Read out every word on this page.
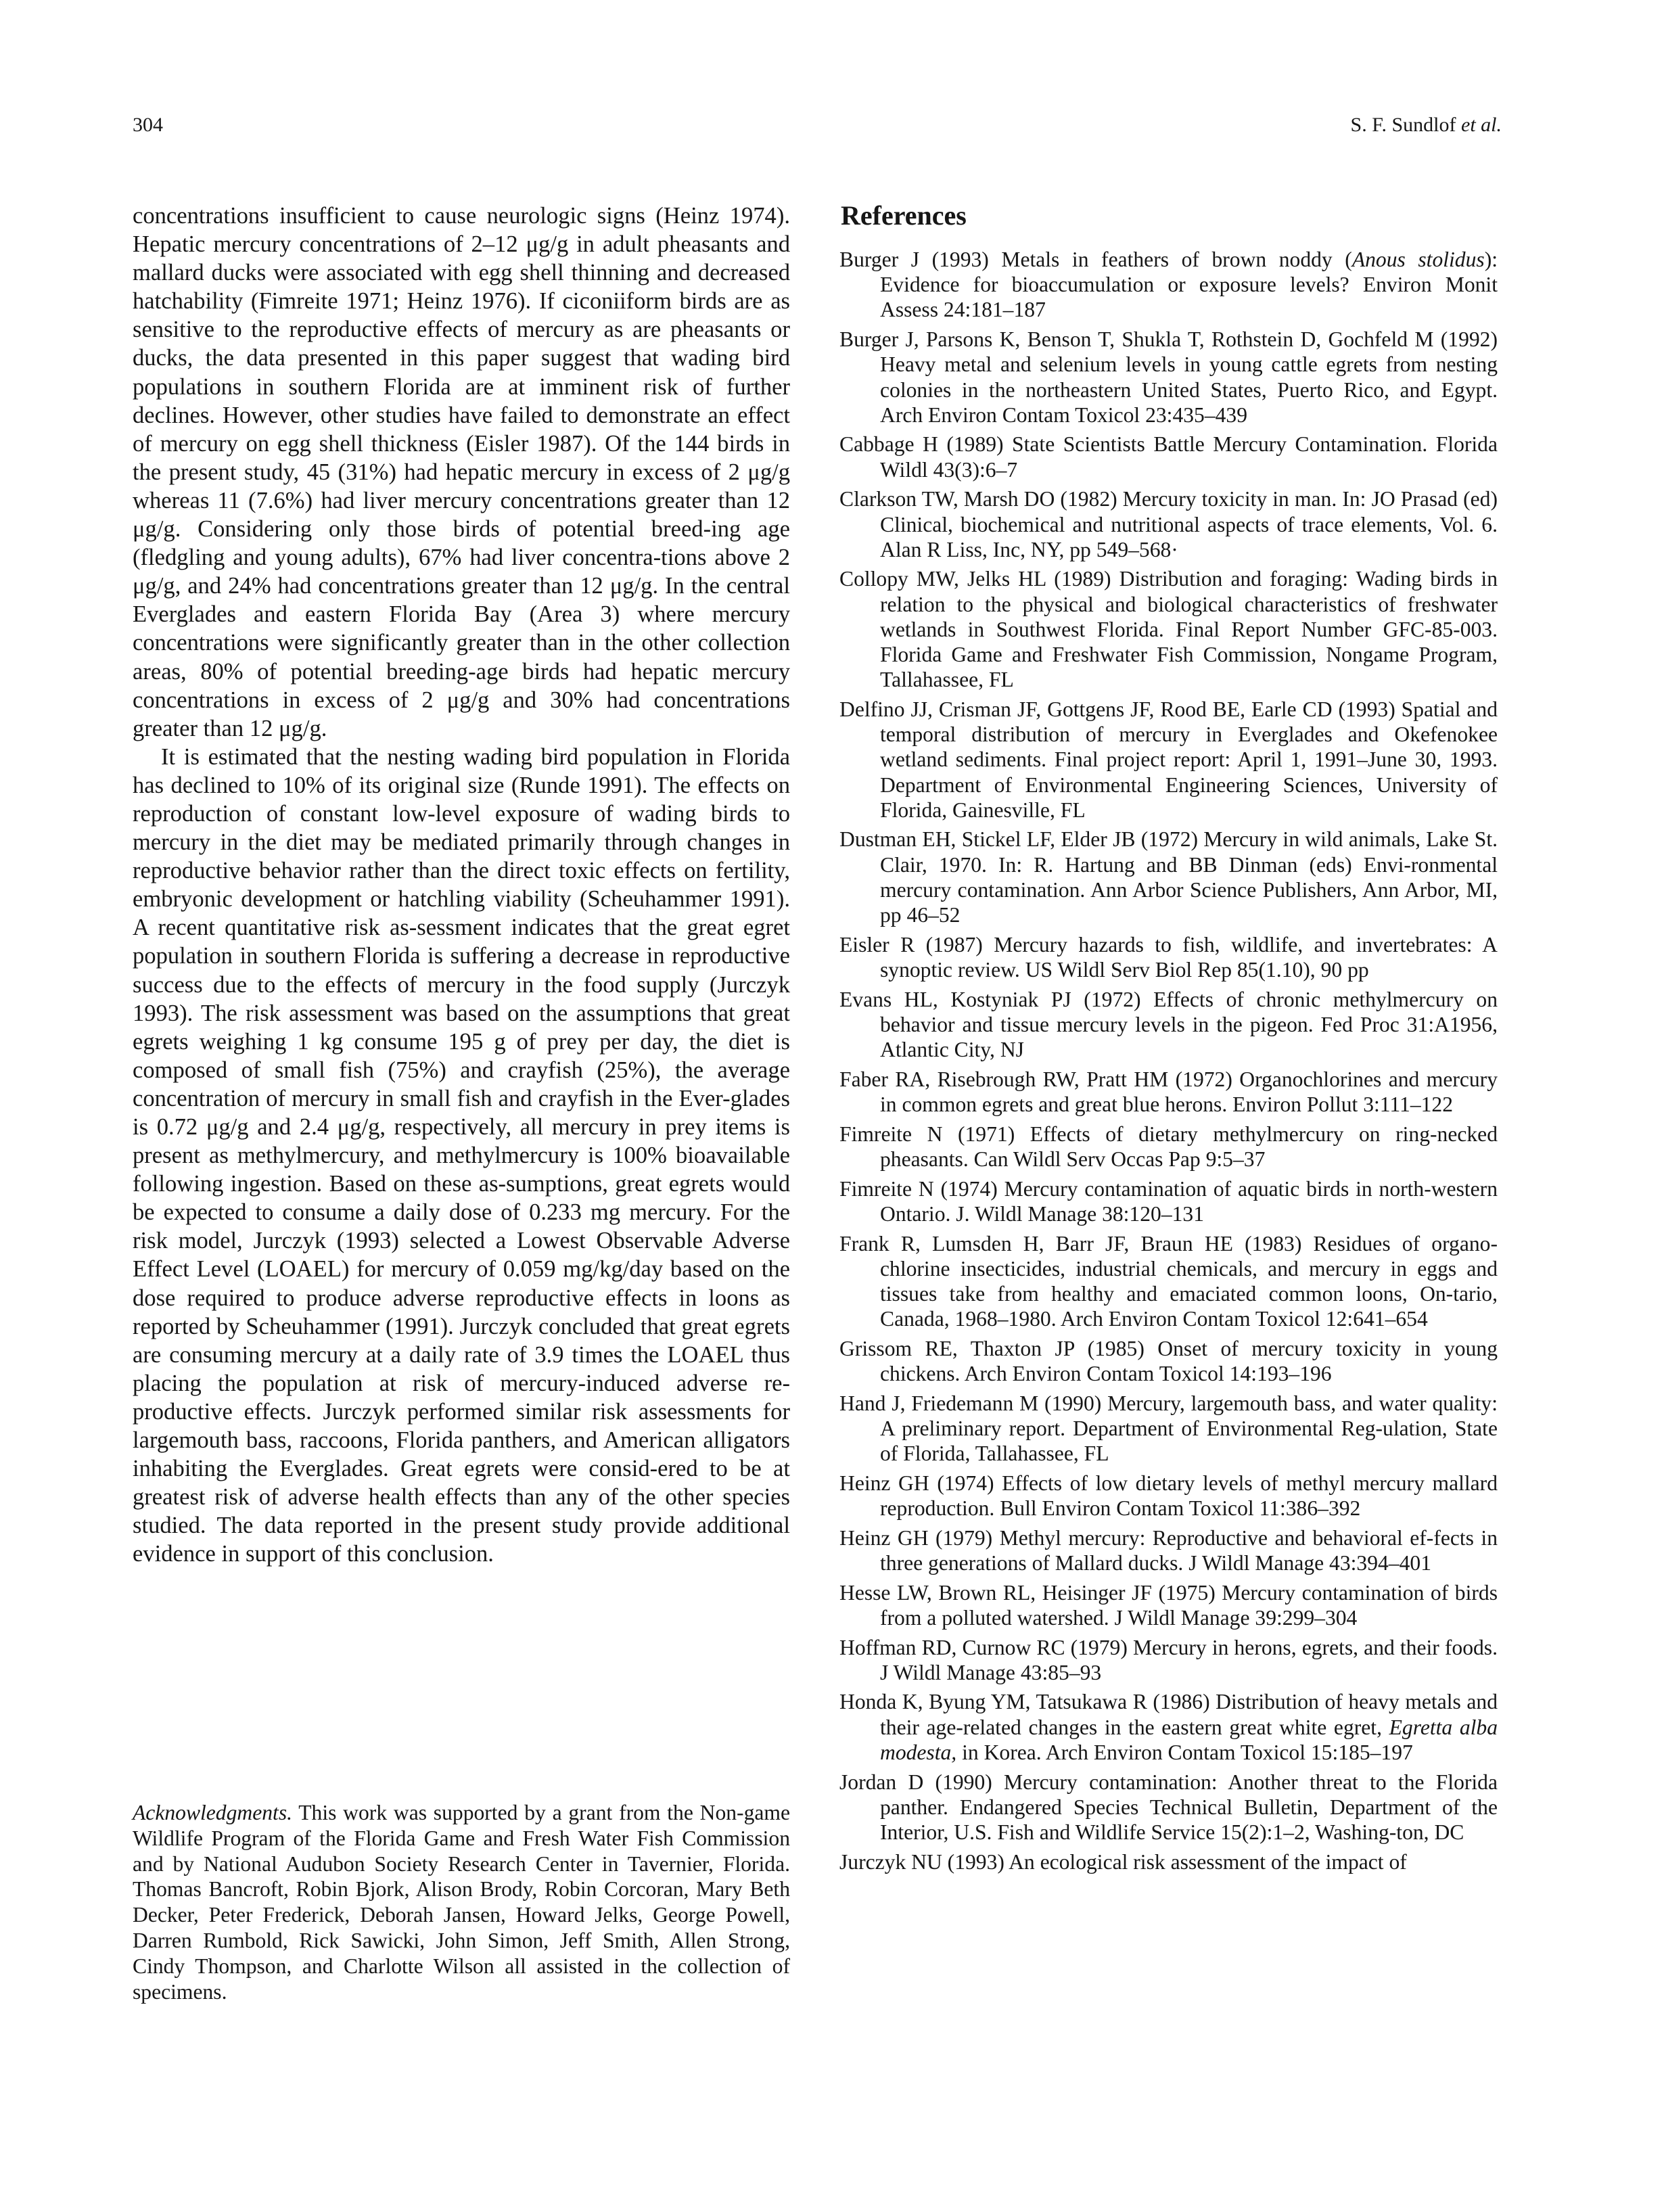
304	S. F. Sundlof et al.

concentrations insufficient to cause neurologic signs (Heinz 1974). Hepatic mercury concentrations of 2–12 μg/g in adult pheasants and mallard ducks were associated with egg shell thinning and decreased hatchability (Fimreite 1971; Heinz 1976). If ciconiiform birds are as sensitive to the reproductive effects of mercury as are pheasants or ducks, the data presented in this paper suggest that wading bird populations in southern Florida are at imminent risk of further declines. However, other studies have failed to demonstrate an effect of mercury on egg shell thickness (Eisler 1987). Of the 144 birds in the present study, 45 (31%) had hepatic mercury in excess of 2 μg/g whereas 11 (7.6%) had liver mercury concentrations greater than 12 μg/g. Considering only those birds of potential breed-ing age (fledgling and young adults), 67% had liver concentra-tions above 2 μg/g, and 24% had concentrations greater than 12 μg/g. In the central Everglades and eastern Florida Bay (Area 3) where mercury concentrations were significantly greater than in the other collection areas, 80% of potential breeding-age birds had hepatic mercury concentrations in excess of 2 μg/g and 30% had concentrations greater than 12 μg/g.

It is estimated that the nesting wading bird population in Florida has declined to 10% of its original size (Runde 1991). The effects on reproduction of constant low-level exposure of wading birds to mercury in the diet may be mediated primarily through changes in reproductive behavior rather than the direct toxic effects on fertility, embryonic development or hatchling viability (Scheuhammer 1991). A recent quantitative risk as-sessment indicates that the great egret population in southern Florida is suffering a decrease in reproductive success due to the effects of mercury in the food supply (Jurczyk 1993). The risk assessment was based on the assumptions that great egrets weighing 1 kg consume 195 g of prey per day, the diet is composed of small fish (75%) and crayfish (25%), the average concentration of mercury in small fish and crayfish in the Ever-glades is 0.72 μg/g and 2.4 μg/g, respectively, all mercury in prey items is present as methylmercury, and methylmercury is 100% bioavailable following ingestion. Based on these as-sumptions, great egrets would be expected to consume a daily dose of 0.233 mg mercury. For the risk model, Jurczyk (1993) selected a Lowest Observable Adverse Effect Level (LOAEL) for mercury of 0.059 mg/kg/day based on the dose required to produce adverse reproductive effects in loons as reported by Scheuhammer (1991). Jurczyk concluded that great egrets are consuming mercury at a daily rate of 3.9 times the LOAEL thus placing the population at risk of mercury-induced adverse re-productive effects. Jurczyk performed similar risk assessments for largemouth bass, raccoons, Florida panthers, and American alligators inhabiting the Everglades. Great egrets were consid-ered to be at greatest risk of adverse health effects than any of the other species studied. The data reported in the present study provide additional evidence in support of this conclusion.

Acknowledgments. This work was supported by a grant from the Non-game Wildlife Program of the Florida Game and Fresh Water Fish Commission and by National Audubon Society Research Center in Tavernier, Florida. Thomas Bancroft, Robin Bjork, Alison Brody, Robin Corcoran, Mary Beth Decker, Peter Frederick, Deborah Jansen, Howard Jelks, George Powell, Darren Rumbold, Rick Sawicki, John Simon, Jeff Smith, Allen Strong, Cindy Thompson, and Charlotte Wilson all assisted in the collection of specimens.
References
Burger J (1993) Metals in feathers of brown noddy (Anous stolidus): Evidence for bioaccumulation or exposure levels? Environ Monit Assess 24:181–187
Burger J, Parsons K, Benson T, Shukla T, Rothstein D, Gochfeld M (1992) Heavy metal and selenium levels in young cattle egrets from nesting colonies in the northeastern United States, Puerto Rico, and Egypt. Arch Environ Contam Toxicol 23:435–439
Cabbage H (1989) State Scientists Battle Mercury Contamination. Florida Wildl 43(3):6–7
Clarkson TW, Marsh DO (1982) Mercury toxicity in man. In: JO Prasad (ed) Clinical, biochemical and nutritional aspects of trace elements, Vol. 6. Alan R Liss, Inc, NY, pp 549–568·
Collopy MW, Jelks HL (1989) Distribution and foraging: Wading birds in relation to the physical and biological characteristics of freshwater wetlands in Southwest Florida. Final Report Number GFC-85-003. Florida Game and Freshwater Fish Commission, Nongame Program, Tallahassee, FL
Delfino JJ, Crisman JF, Gottgens JF, Rood BE, Earle CD (1993) Spatial and temporal distribution of mercury in Everglades and Okefenokee wetland sediments. Final project report: April 1, 1991–June 30, 1993. Department of Environmental Engineering Sciences, University of Florida, Gainesville, FL
Dustman EH, Stickel LF, Elder JB (1972) Mercury in wild animals, Lake St. Clair, 1970. In: R. Hartung and BB Dinman (eds) Envi-ronmental mercury contamination. Ann Arbor Science Publishers, Ann Arbor, MI, pp 46–52
Eisler R (1987) Mercury hazards to fish, wildlife, and invertebrates: A synoptic review. US Wildl Serv Biol Rep 85(1.10), 90 pp
Evans HL, Kostyniak PJ (1972) Effects of chronic methylmercury on behavior and tissue mercury levels in the pigeon. Fed Proc 31:A1956, Atlantic City, NJ
Faber RA, Risebrough RW, Pratt HM (1972) Organochlorines and mercury in common egrets and great blue herons. Environ Pollut 3:111–122
Fimreite N (1971) Effects of dietary methylmercury on ring-necked pheasants. Can Wildl Serv Occas Pap 9:5–37
Fimreite N (1974) Mercury contamination of aquatic birds in north-western Ontario. J. Wildl Manage 38:120–131
Frank R, Lumsden H, Barr JF, Braun HE (1983) Residues of organo-chlorine insecticides, industrial chemicals, and mercury in eggs and tissues take from healthy and emaciated common loons, On-tario, Canada, 1968–1980. Arch Environ Contam Toxicol 12:641–654
Grissom RE, Thaxton JP (1985) Onset of mercury toxicity in young chickens. Arch Environ Contam Toxicol 14:193–196
Hand J, Friedemann M (1990) Mercury, largemouth bass, and water quality: A preliminary report. Department of Environmental Reg-ulation, State of Florida, Tallahassee, FL
Heinz GH (1974) Effects of low dietary levels of methyl mercury mallard reproduction. Bull Environ Contam Toxicol 11:386–392
Heinz GH (1979) Methyl mercury: Reproductive and behavioral ef-fects in three generations of Mallard ducks. J Wildl Manage 43:394–401
Hesse LW, Brown RL, Heisinger JF (1975) Mercury contamination of birds from a polluted watershed. J Wildl Manage 39:299–304
Hoffman RD, Curnow RC (1979) Mercury in herons, egrets, and their foods. J Wildl Manage 43:85–93
Honda K, Byung YM, Tatsukawa R (1986) Distribution of heavy metals and their age-related changes in the eastern great white egret, Egretta alba modesta, in Korea. Arch Environ Contam Toxicol 15:185–197
Jordan D (1990) Mercury contamination: Another threat to the Florida panther. Endangered Species Technical Bulletin, Department of the Interior, U.S. Fish and Wildlife Service 15(2):1–2, Washing-ton, DC
Jurczyk NU (1993) An ecological risk assessment of the impact of
